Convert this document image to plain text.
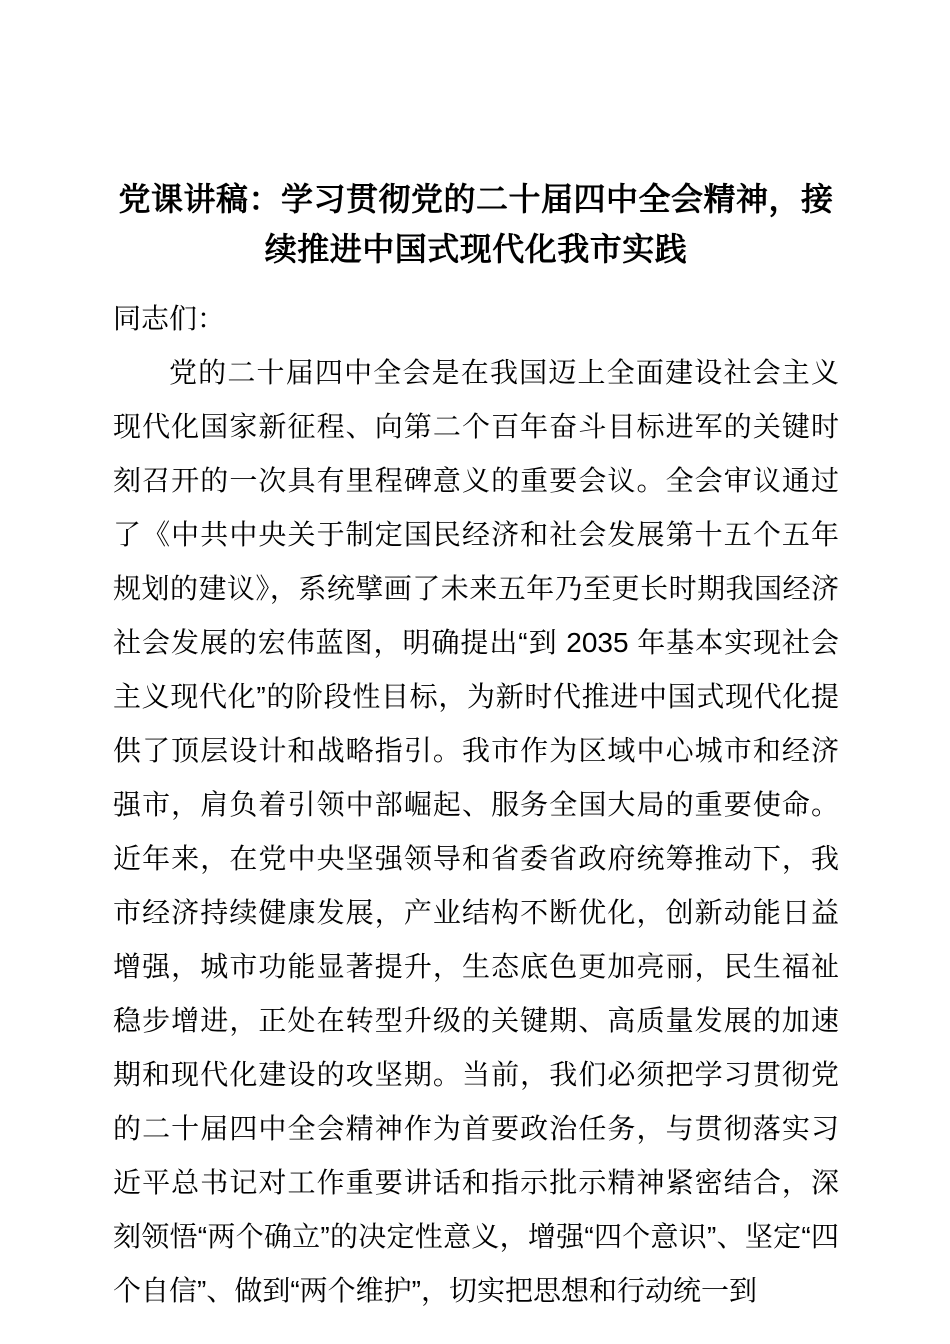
党课讲稿：学习贯彻党的二十届四中全会精神，接续推进中国式现代化我市实践

同志们：

党的二十届四中全会是在我国迈上全面建设社会主义现代化国家新征程、向第二个百年奋斗目标进军的关键时刻召开的一次具有里程碑意义的重要会议。全会审议通过了《中共中央关于制定国民经济和社会发展第十五个五年规划的建议》，系统擘画了未来五年乃至更长时期我国经济社会发展的宏伟蓝图，明确提出“到 2035 年基本实现社会主义现代化”的阶段性目标，为新时代推进中国式现代化提供了顶层设计和战略指引。我市作为区域中心城市和经济强市，肩负着引领中部崛起、服务全国大局的重要使命。近年来，在党中央坚强领导和省委省政府统筹推动下，我市经济持续健康发展，产业结构不断优化，创新动能日益增强，城市功能显著提升，生态底色更加亮丽，民生福祉稳步增进，正处在转型升级的关键期、高质量发展的加速期和现代化建设的攻坚期。当前，我们必须把学习贯彻党的二十届四中全会精神作为首要政治任务，与贯彻落实习近平总书记对工作重要讲话和指示批示精神紧密结合，深刻领悟“两个确立”的决定性意义，增强“四个意识”、坚定“四个自信”、做到“两个维护”，切实把思想和行动统一到
